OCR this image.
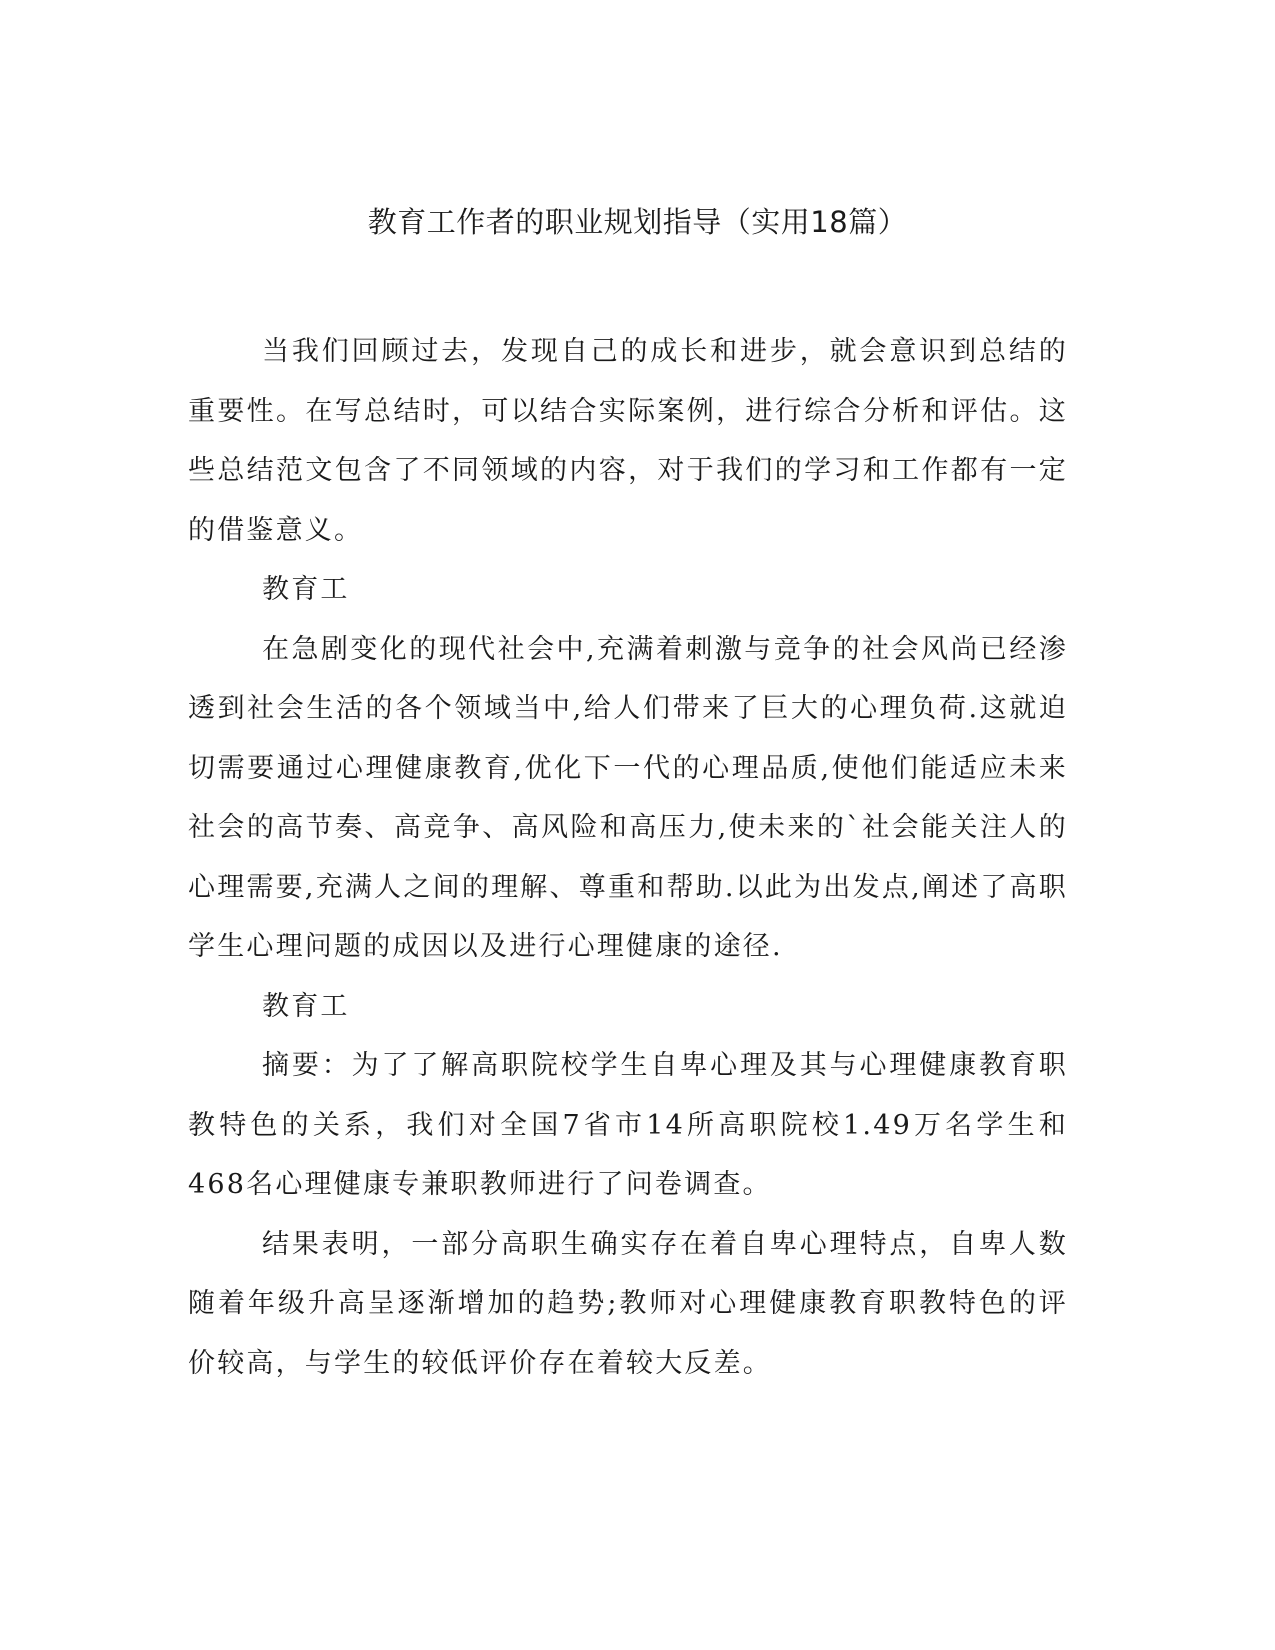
教育工作者的职业规划指导（实用18篇）

当我们回顾过去，发现自己的成长和进步，就会意识到总结的重要性。在写总结时，可以结合实际案例，进行综合分析和评估。这些总结范文包含了不同领域的内容，对于我们的学习和工作都有一定的借鉴意义。

教育工

在急剧变化的现代社会中,充满着刺激与竞争的社会风尚已经渗透到社会生活的各个领域当中,给人们带来了巨大的心理负荷.这就迫切需要通过心理健康教育,优化下一代的心理品质,使他们能适应未来社会的高节奏、高竞争、高风险和高压力,使未来的`社会能关注人的心理需要,充满人之间的理解、尊重和帮助.以此为出发点,阐述了高职学生心理问题的成因以及进行心理健康的途径.

教育工

摘要：为了了解高职院校学生自卑心理及其与心理健康教育职教特色的关系，我们对全国7省市14所高职院校1.49万名学生和468名心理健康专兼职教师进行了问卷调查。

结果表明，一部分高职生确实存在着自卑心理特点，自卑人数随着年级升高呈逐渐增加的趋势;教师对心理健康教育职教特色的评价较高，与学生的较低评价存在着较大反差。
